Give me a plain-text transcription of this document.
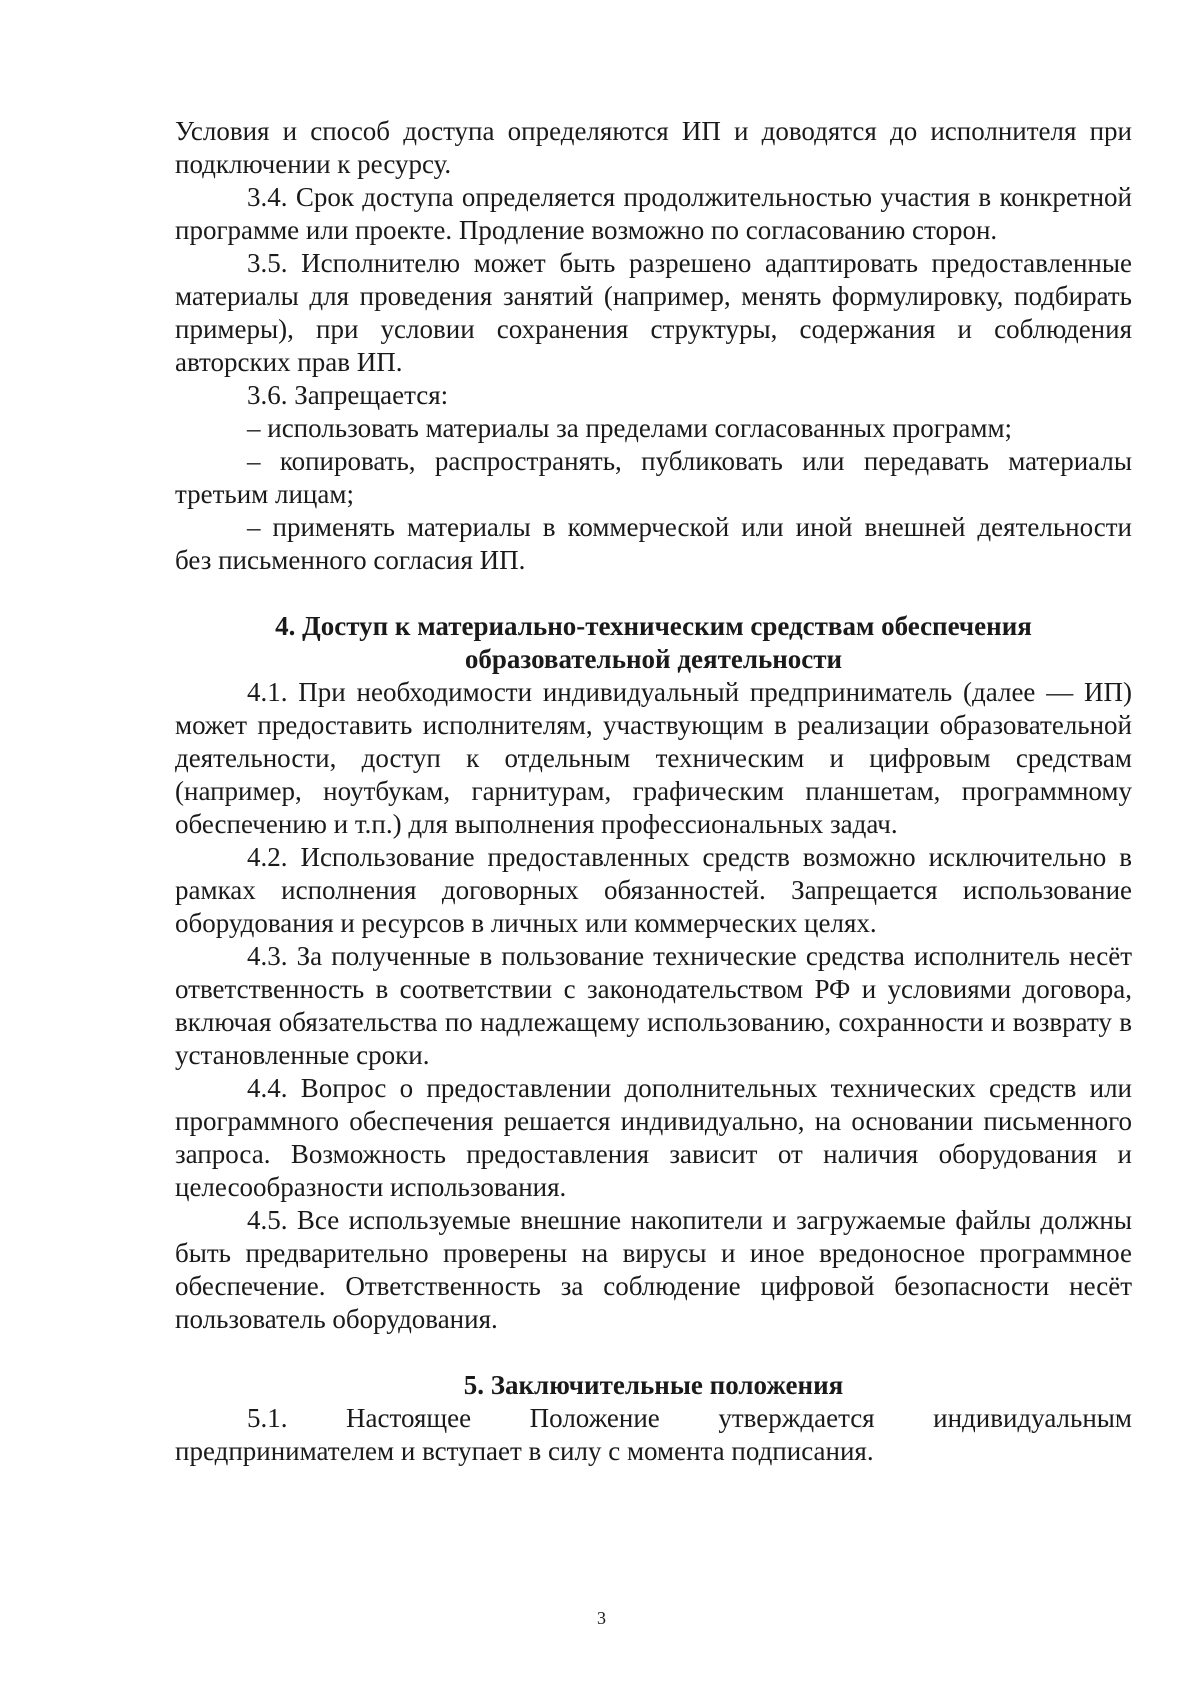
Условия и способ доступа определяются ИП и доводятся до исполнителя при подключении к ресурсу.

3.4. Срок доступа определяется продолжительностью участия в конкретной программе или проекте. Продление возможно по согласованию сторон.

3.5. Исполнителю может быть разрешено адаптировать предоставленные материалы для проведения занятий (например, менять формулировку, подбирать примеры), при условии сохранения структуры, содержания и соблюдения авторских прав ИП.

3.6. Запрещается:

– использовать материалы за пределами согласованных программ;

– копировать, распространять, публиковать или передавать материалы третьим лицам;

– применять материалы в коммерческой или иной внешней деятельности без письменного согласия ИП.

4. Доступ к материально-техническим средствам обеспечения

образовательной деятельности

4.1. При необходимости индивидуальный предприниматель (далее — ИП) может предоставить исполнителям, участвующим в реализации образовательной деятельности, доступ к отдельным техническим и цифровым средствам (например, ноутбукам, гарнитурам, графическим планшетам, программному обеспечению и т.п.) для выполнения профессиональных задач.

4.2. Использование предоставленных средств возможно исключительно в рамках исполнения договорных обязанностей. Запрещается использование оборудования и ресурсов в личных или коммерческих целях.

4.3. За полученные в пользование технические средства исполнитель несёт ответственность в соответствии с законодательством РФ и условиями договора, включая обязательства по надлежащему использованию, сохранности и возврату в установленные сроки.

4.4. Вопрос о предоставлении дополнительных технических средств или программного обеспечения решается индивидуально, на основании письменного запроса. Возможность предоставления зависит от наличия оборудования и целесообразности использования.

4.5. Все используемые внешние накопители и загружаемые файлы должны быть предварительно проверены на вирусы и иное вредоносное программное обеспечение. Ответственность за соблюдение цифровой безопасности несёт пользователь оборудования.

5. Заключительные положения

5.1. Настоящее Положение утверждается индивидуальным предпринимателем и вступает в силу с момента подписания.

3
